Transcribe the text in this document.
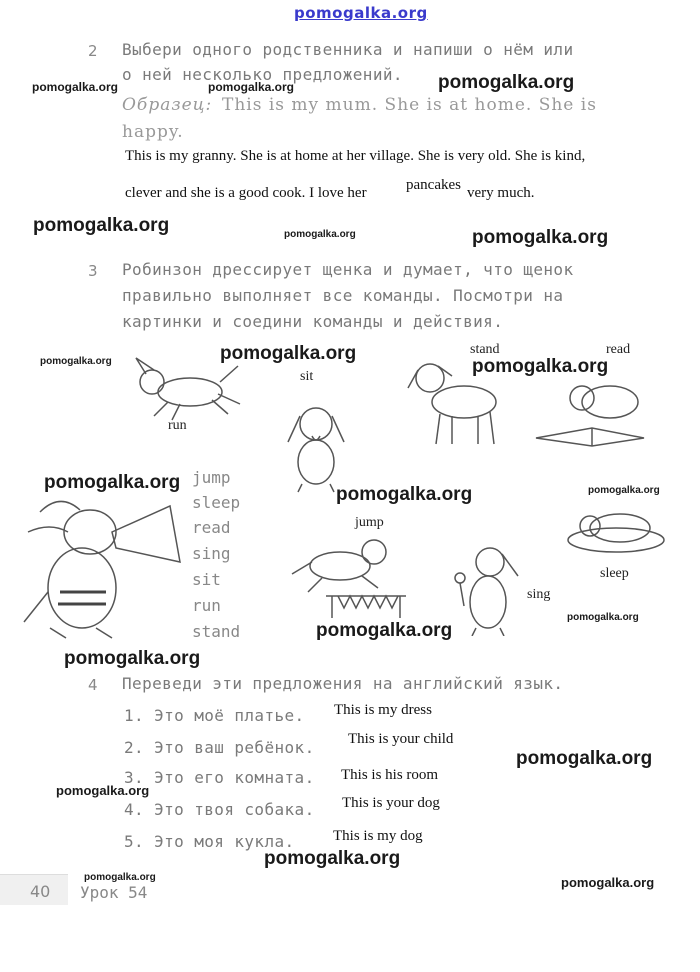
pomogalka.org
2 Выбери одного родственника и напиши о нём или
о ней несколько предложений.
pomogalka.org	pomogalka.org	pomogalka.org
Образец: This is my mum. She is at home. She is
happy.
This is my granny. She is at home at her village. She is very old. She is kind,
clever and she is a good cook. I love her	pancakes very much.
pomogalka.org	pomogalka.org	pomogalka.org
3 Робинзон дрессирует щенка и думает, что щенок
правильно выполняет все команды. Посмотри на
картинки и соедини команды и действия.
pomogalka.org	pomogalka.org
pomogalka.org
run
sit
stand	read
pomogalka.org
pomogalka.org	pomogalka.org
jump
sleep
read
sing
sit
run
stand
jump
sing
sleep
pomogalka.org
pomogalka.org
pomogalka.org
4 Переведи эти предложения на английский язык.
1. Это моё платье. This is my dress
2. Это ваш ребёнок. This is your child
pomogalka.org
3. Это его комната. This is his room
pomogalka.org
4. Это твоя собака. This is your dog
5. Это моя кукла.	This is my dog
pomogalka.org
40
pomogalka.org
Урок 54
pomogalka.org
